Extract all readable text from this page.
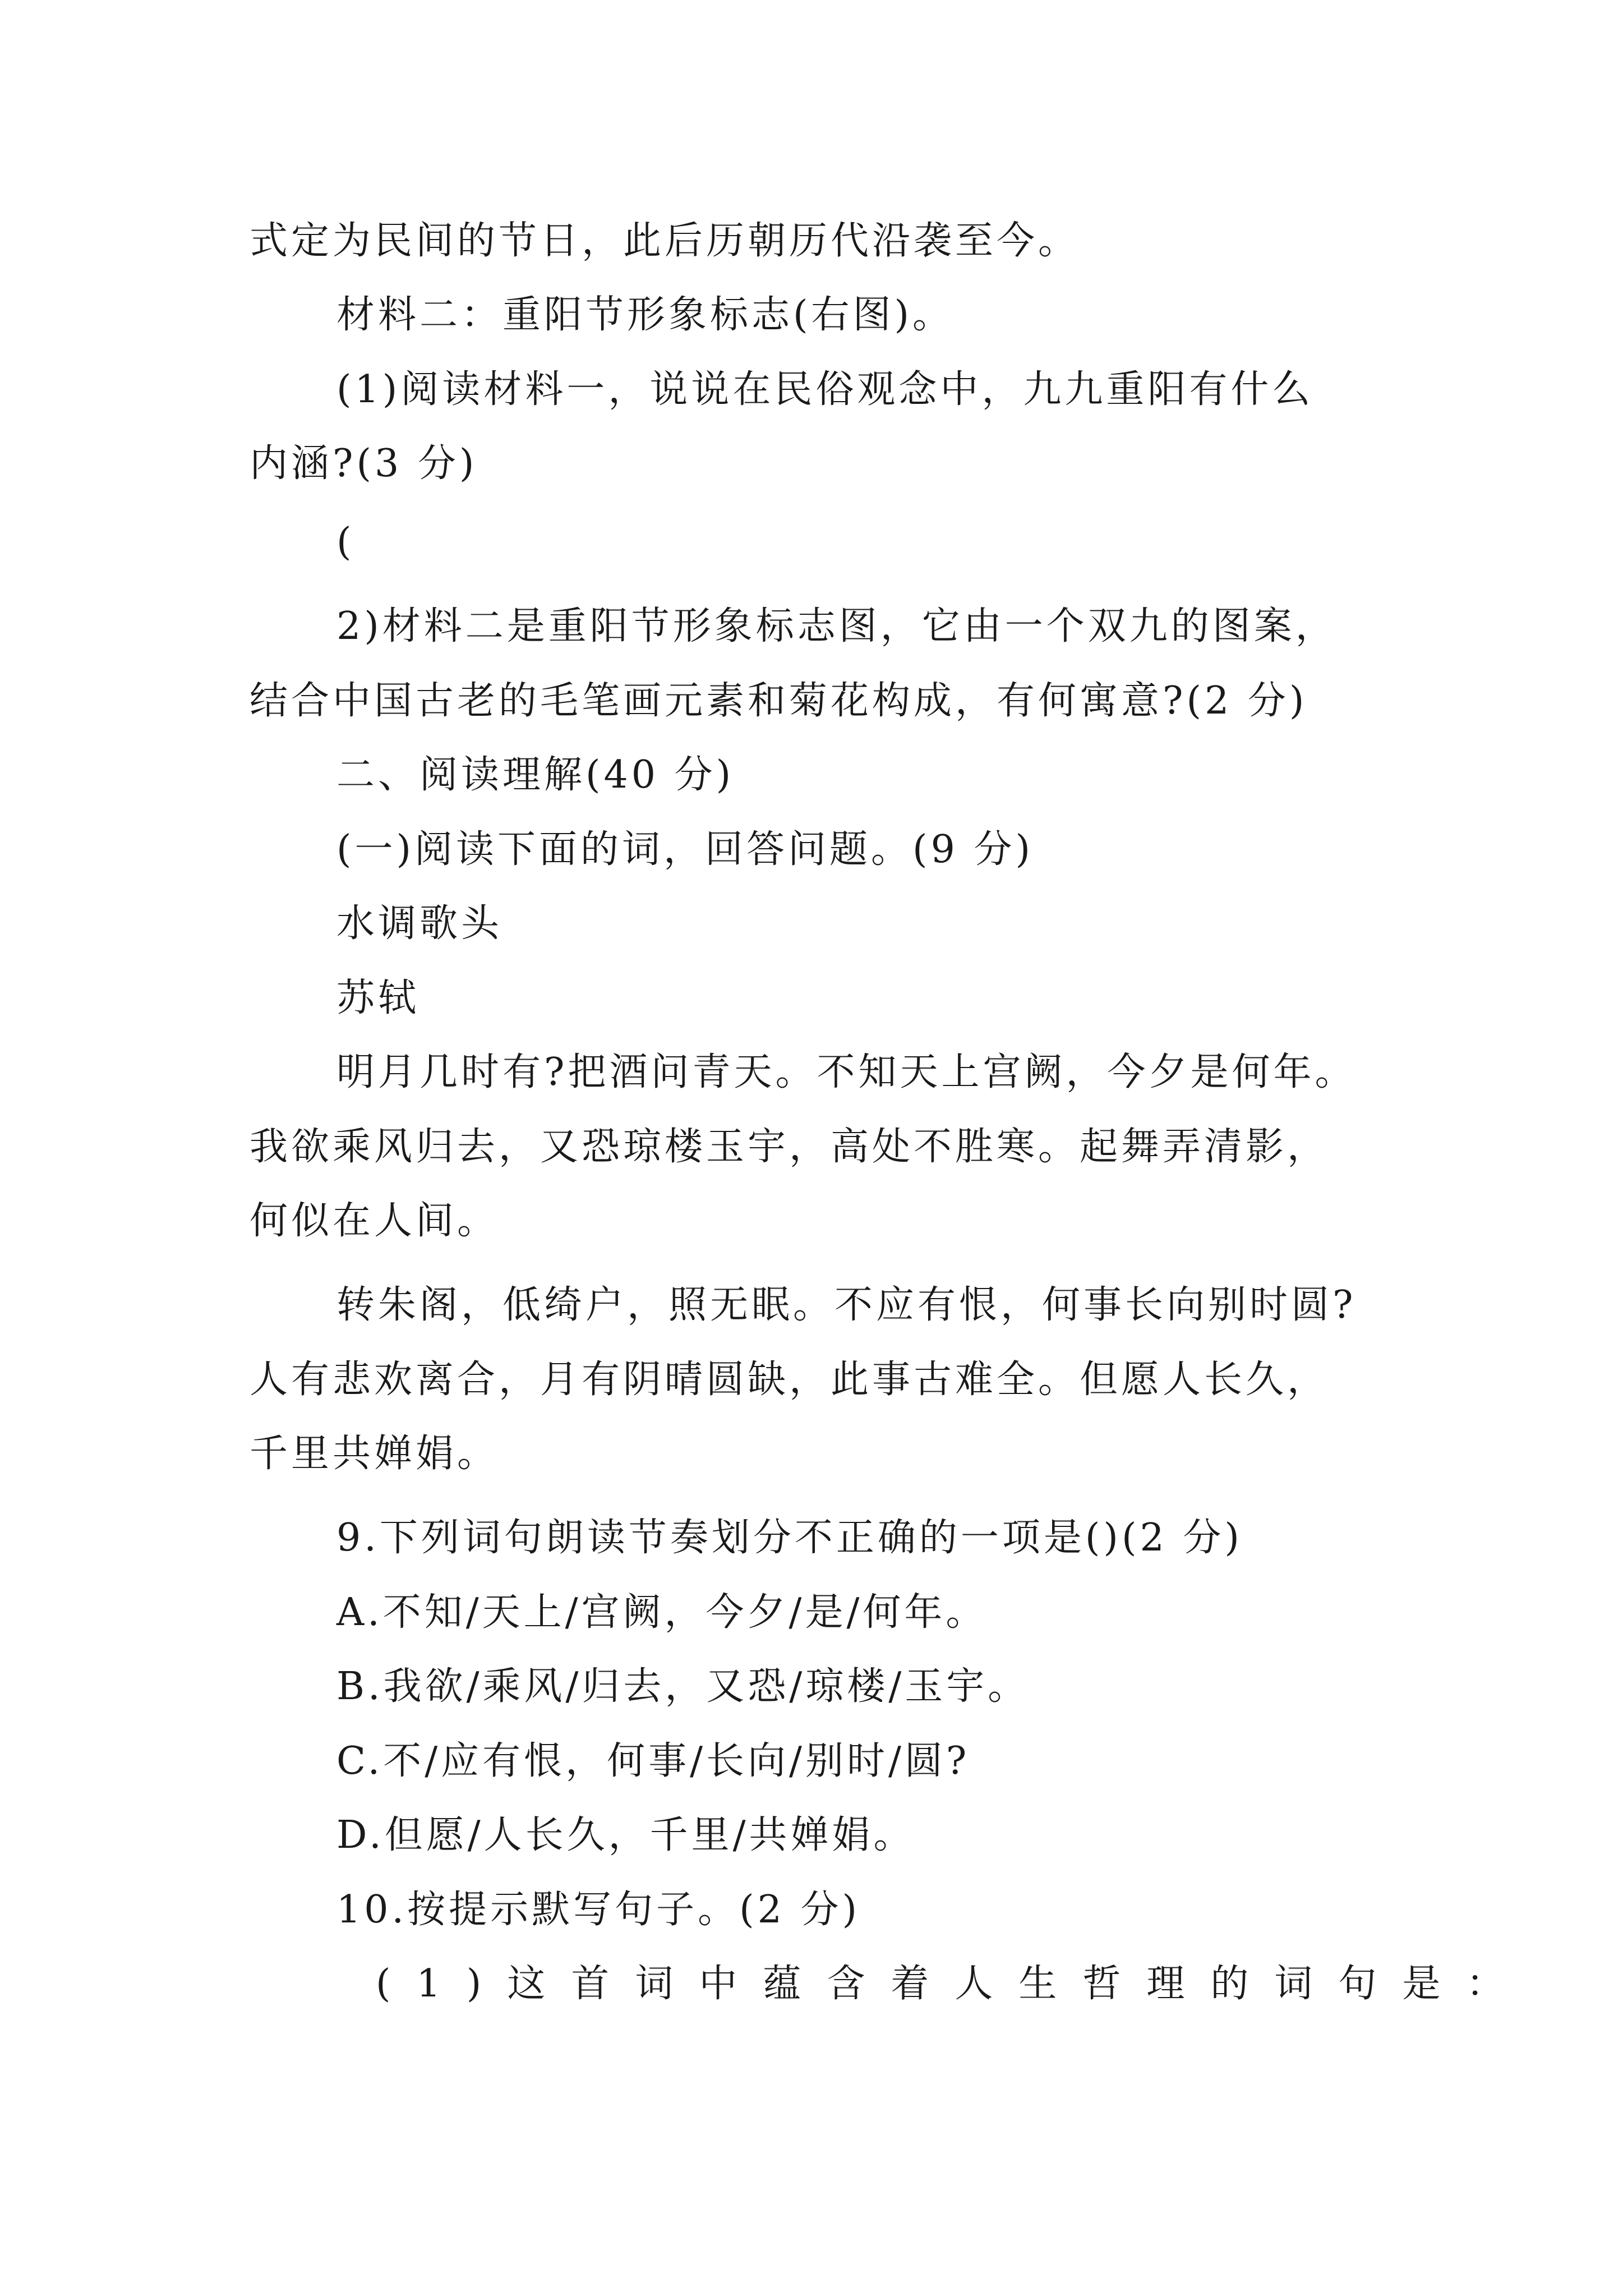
式定为民间的节日，此后历朝历代沿袭至今。
材料二：重阳节形象标志(右图)。
(1)阅读材料一，说说在民俗观念中，九九重阳有什么
内涵?(3 分)
(
2)材料二是重阳节形象标志图，它由一个双九的图案，
结合中国古老的毛笔画元素和菊花构成，有何寓意?(2 分)
二、阅读理解(40 分)
(一)阅读下面的词，回答问题。(9 分)
水调歌头
苏轼
明月几时有?把酒问青天。不知天上宫阙，今夕是何年。
我欲乘风归去，又恐琼楼玉宇，高处不胜寒。起舞弄清影，
何似在人间。
转朱阁，低绮户，照无眠。不应有恨，何事长向别时圆?
人有悲欢离合，月有阴晴圆缺，此事古难全。但愿人长久，
千里共婵娟。
9.下列词句朗读节奏划分不正确的一项是()(2 分)
A.不知/天上/宫阙，今夕/是/何年。
B.我欲/乘风/归去，又恐/琼楼/玉宇。
C.不/应有恨，何事/长向/别时/圆?
D.但愿/人长久，千里/共婵娟。
10.按提示默写句子。(2 分)
(1)这首词中蕴含着人生哲理的词句是：
